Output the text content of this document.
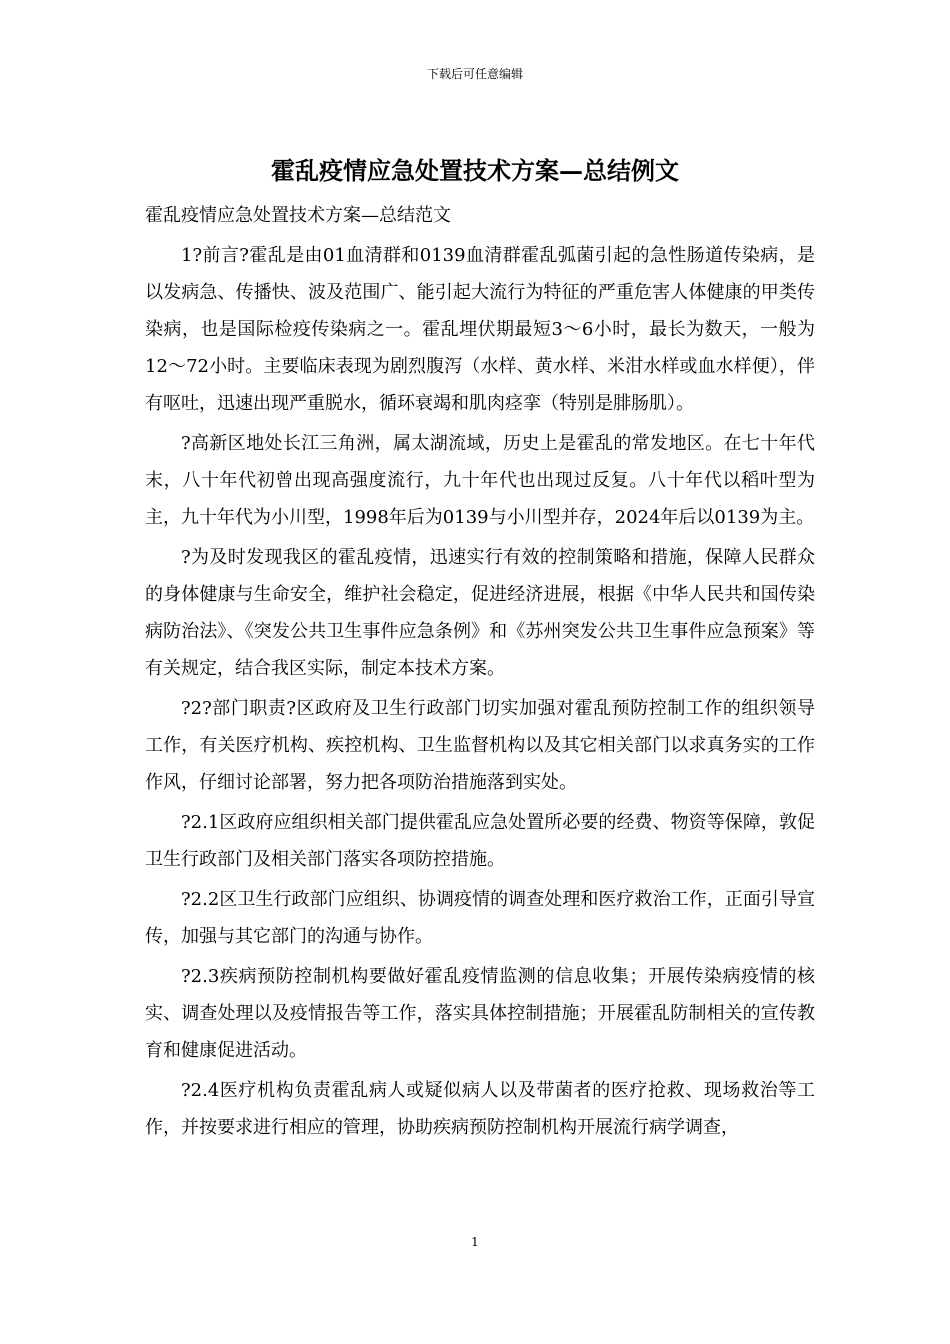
下载后可任意编辑
霍乱疫情应急处置技术方案—总结例文

霍乱疫情应急处置技术方案—总结范文

1?前言?霍乱是由01血清群和0139血清群霍乱弧菌引起的急性肠道传染病，是以发病急、传播快、波及范围广、能引起大流行为特征的严重危害人体健康的甲类传染病，也是国际检疫传染病之一。霍乱埋伏期最短3～6小时，最长为数天，一般为12～72小时。主要临床表现为剧烈腹泻（水样、黄水样、米泔水样或血水样便），伴有呕吐，迅速出现严重脱水，循环衰竭和肌肉痉挛（特别是腓肠肌）。

?高新区地处长江三角洲，属太湖流域，历史上是霍乱的常发地区。在七十年代末，八十年代初曾出现高强度流行，九十年代也出现过反复。八十年代以稻叶型为主，九十年代为小川型，1998年后为0139与小川型并存，2024年后以0139为主。

?为及时发现我区的霍乱疫情，迅速实行有效的控制策略和措施，保障人民群众的身体健康与生命安全，维护社会稳定，促进经济进展，根据《中华人民共和国传染病防治法》、《突发公共卫生事件应急条例》和《苏州突发公共卫生事件应急预案》等有关规定，结合我区实际，制定本技术方案。

?2?部门职责?区政府及卫生行政部门切实加强对霍乱预防控制工作的组织领导工作，有关医疗机构、疾控机构、卫生监督机构以及其它相关部门以求真务实的工作作风，仔细讨论部署，努力把各项防治措施落到实处。

?2.1区政府应组织相关部门提供霍乱应急处置所必要的经费、物资等保障，敦促卫生行政部门及相关部门落实各项防控措施。

?2.2区卫生行政部门应组织、协调疫情的调查处理和医疗救治工作，正面引导宣传，加强与其它部门的沟通与协作。

?2.3疾病预防控制机构要做好霍乱疫情监测的信息收集；开展传染病疫情的核实、调查处理以及疫情报告等工作，落实具体控制措施；开展霍乱防制相关的宣传教育和健康促进活动。

?2.4医疗机构负责霍乱病人或疑似病人以及带菌者的医疗抢救、现场救治等工作，并按要求进行相应的管理，协助疾病预防控制机构开展流行病学调查，

1
